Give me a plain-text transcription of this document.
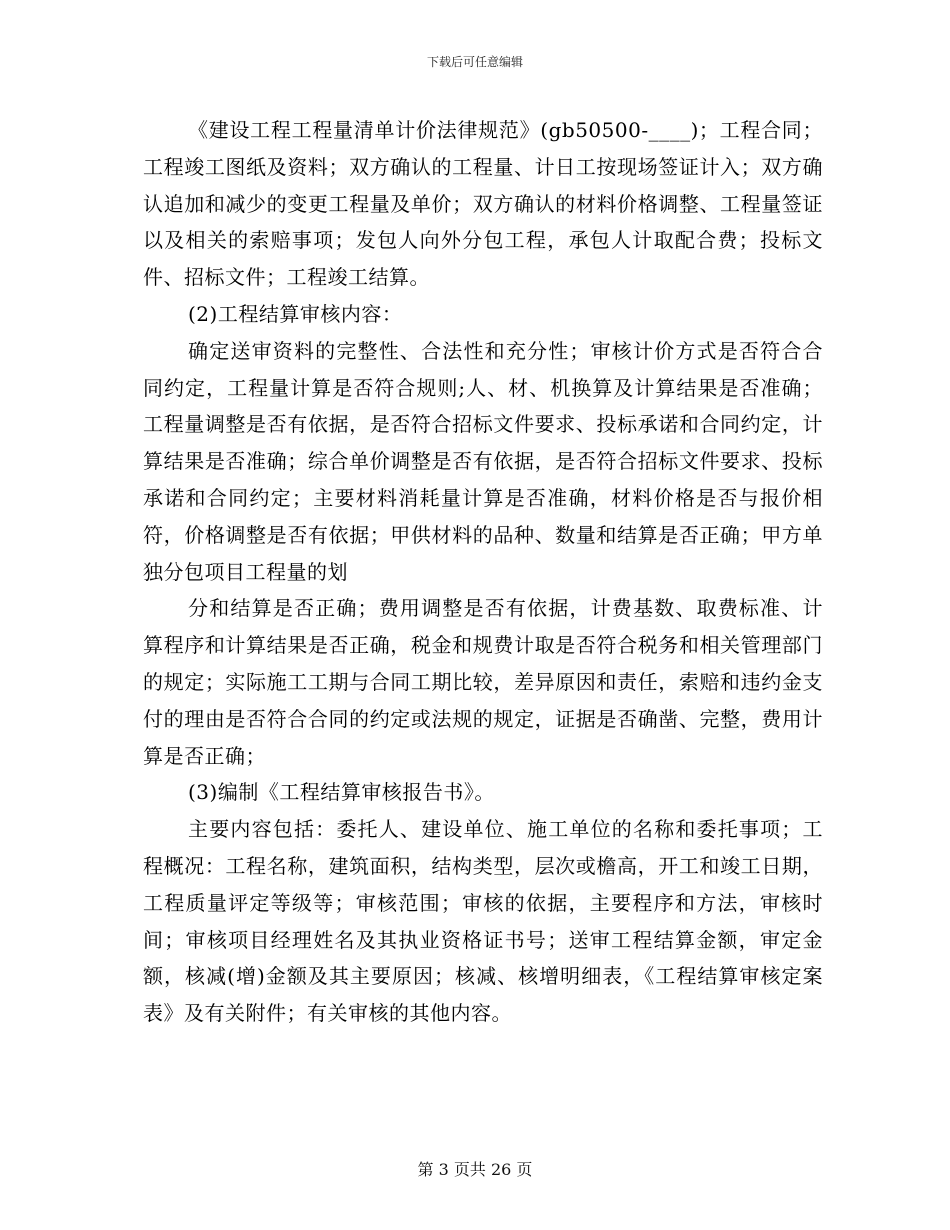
下载后可任意编辑

《建设工程工程量清单计价法律规范》(gb50500-____)；工程合同；工程竣工图纸及资料；双方确认的工程量、计日工按现场签证计入；双方确认追加和减少的变更工程量及单价；双方确认的材料价格调整、工程量签证以及相关的索赔事项；发包人向外分包工程，承包人计取配合费；投标文件、招标文件；工程竣工结算。

(2)工程结算审核内容：

确定送审资料的完整性、合法性和充分性；审核计价方式是否符合合同约定，工程量计算是否符合规则;人、材、机换算及计算结果是否准确；工程量调整是否有依据，是否符合招标文件要求、投标承诺和合同约定，计算结果是否准确；综合单价调整是否有依据，是否符合招标文件要求、投标承诺和合同约定；主要材料消耗量计算是否准确，材料价格是否与报价相符，价格调整是否有依据；甲供材料的品种、数量和结算是否正确；甲方单独分包项目工程量的划

分和结算是否正确；费用调整是否有依据，计费基数、取费标准、计算程序和计算结果是否正确，税金和规费计取是否符合税务和相关管理部门的规定；实际施工工期与合同工期比较，差异原因和责任，索赔和违约金支付的理由是否符合合同的约定或法规的规定，证据是否确凿、完整，费用计算是否正确；

(3)编制《工程结算审核报告书》。

主要内容包括：委托人、建设单位、施工单位的名称和委托事项；工程概况：工程名称，建筑面积，结构类型，层次或檐高，开工和竣工日期，工程质量评定等级等；审核范围；审核的依据，主要程序和方法，审核时间；审核项目经理姓名及其执业资格证书号；送审工程结算金额，审定金额，核减(增)金额及其主要原因；核减、核增明细表，《工程结算审核定案表》及有关附件；有关审核的其他内容。

第 3 页共 26 页
